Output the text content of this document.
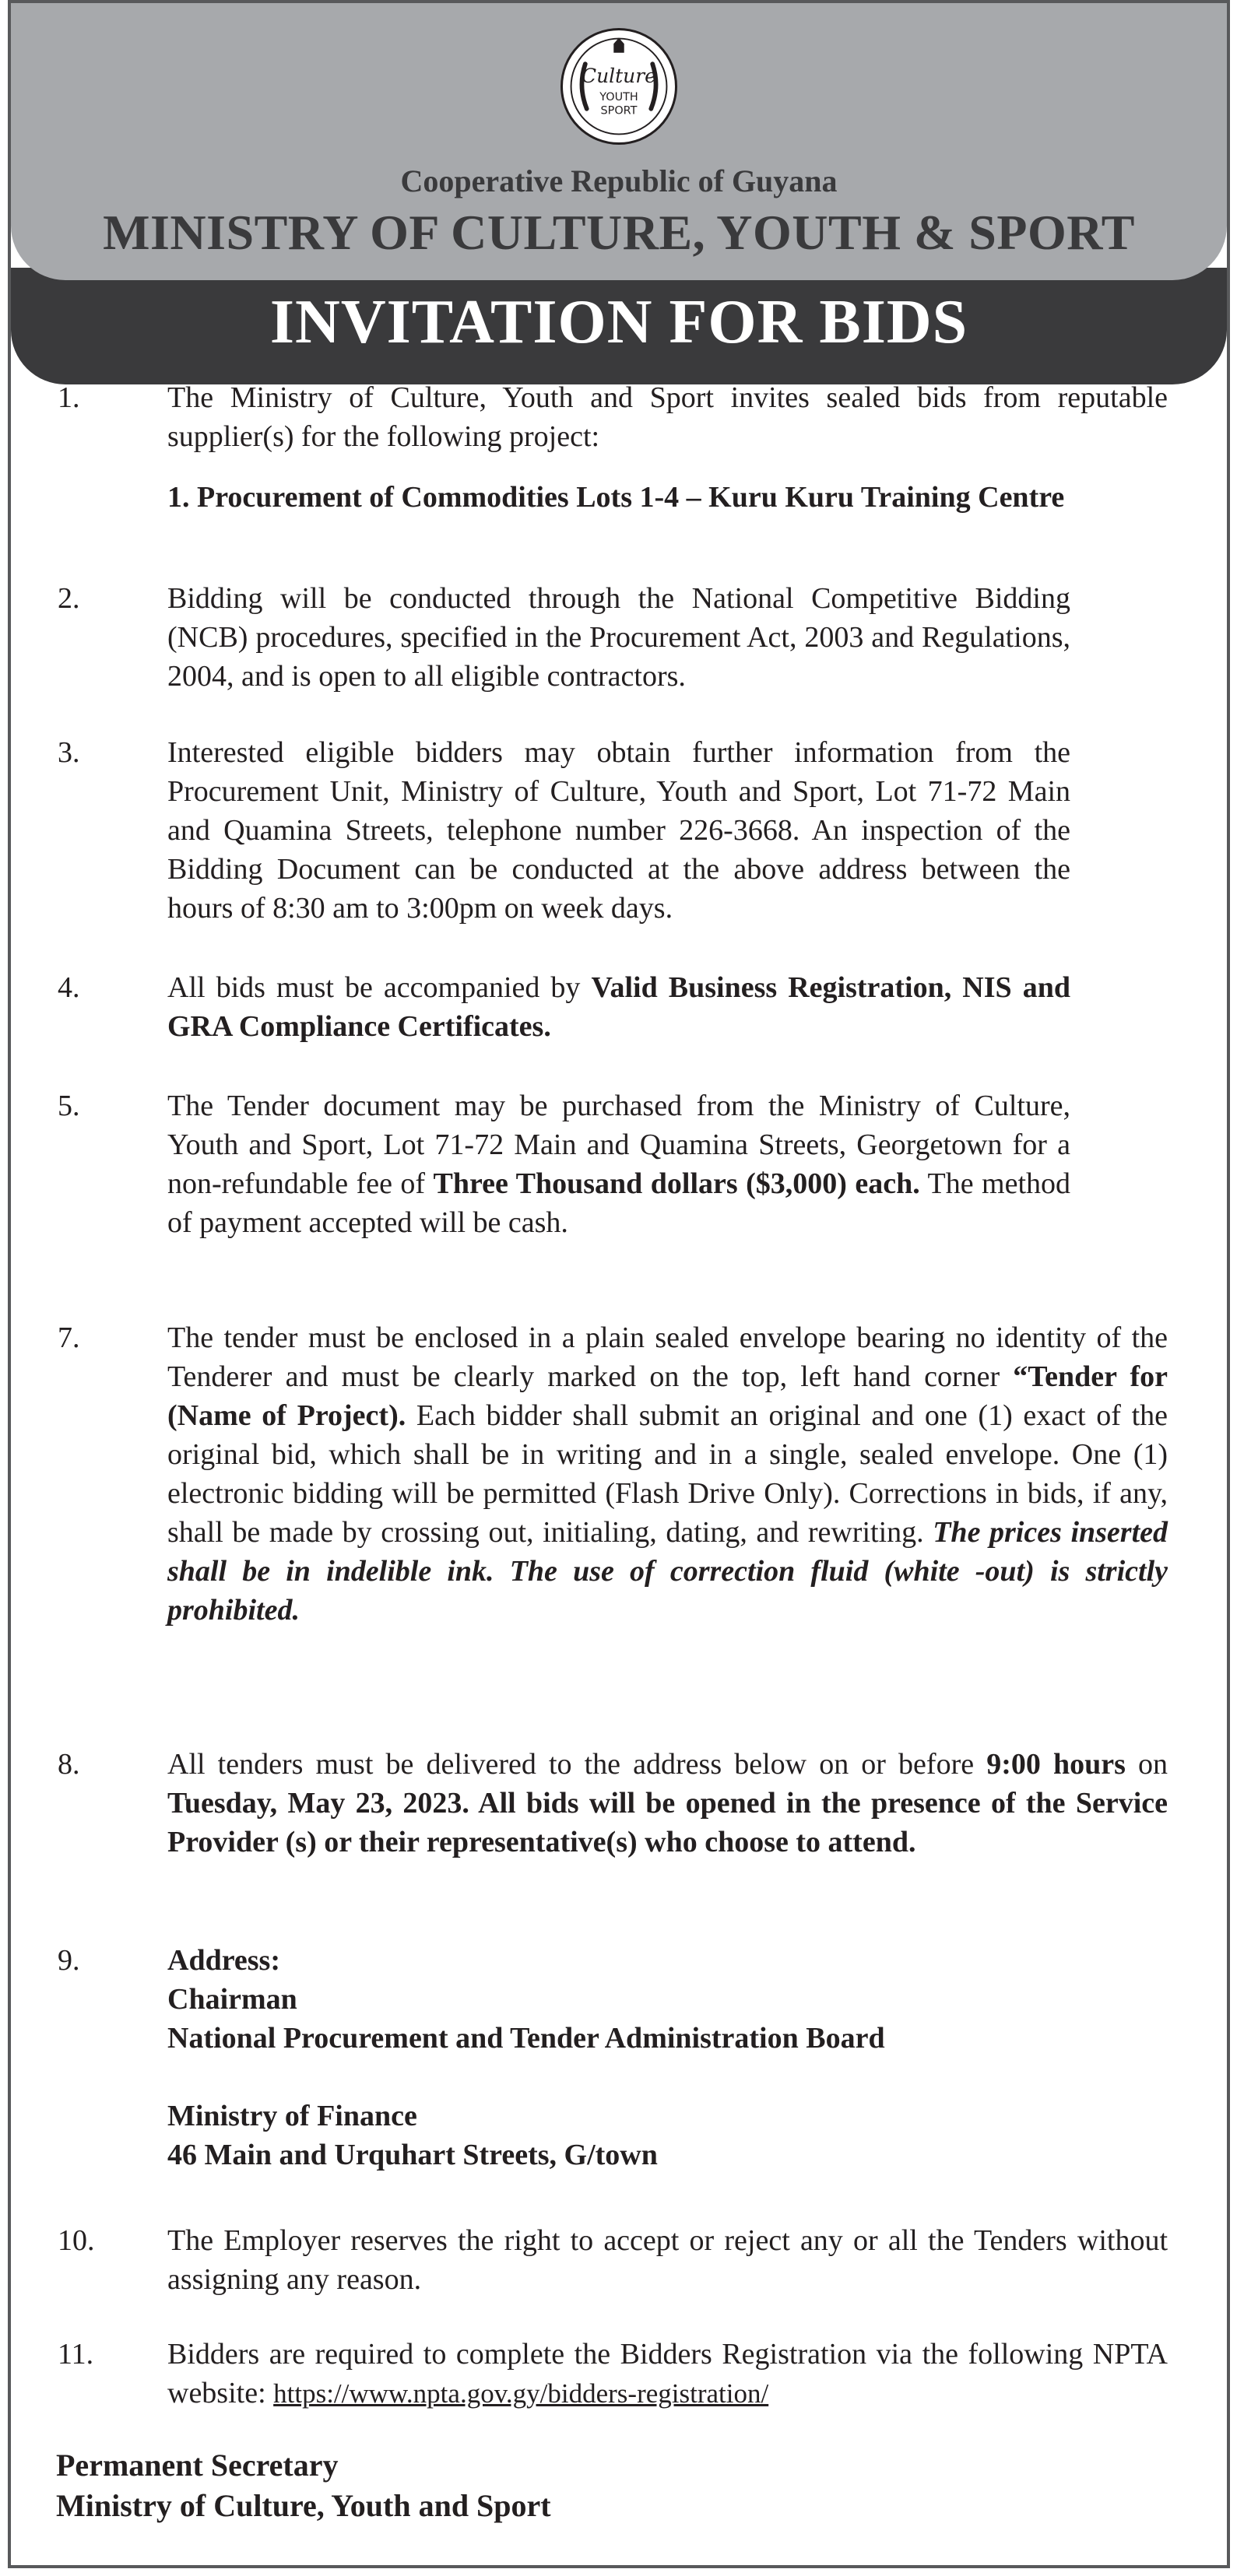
Culture
YOUTH
SPORT
Cooperative Republic of Guyana
MINISTRY OF CULTURE, YOUTH & SPORT
INVITATION FOR BIDS
1.	The Ministry of Culture, Youth and Sport invites sealed bids from reputable supplier(s) for the following project:

1. Procurement of Commodities Lots 1-4 – Kuru Kuru Training Centre

2.	Bidding will be conducted through the National Competitive Bidding (NCB) procedures, specified in the Procurement Act, 2003 and Regulations, 2004, and is open to all eligible contractors.
3.	Interested eligible bidders may obtain further information from the Procurement Unit, Ministry of Culture, Youth and Sport, Lot 71-72 Main and Quamina Streets, telephone number 226-3668. An inspection of the Bidding Document can be conducted at the above address between the hours of 8:30 am to 3:00pm on week days.
4.	All bids must be accompanied by Valid Business Registration, NIS and GRA Compliance Certificates.
5.	The Tender document may be purchased from the Ministry of Culture, Youth and Sport, Lot 71-72 Main and Quamina Streets, Georgetown for a non-refundable fee of Three Thousand dollars ($3,000) each. The method of payment accepted will be cash.
7.	The tender must be enclosed in a plain sealed envelope bearing no identity of the Tenderer and must be clearly marked on the top, left hand corner “Tender for (Name of Project). Each bidder shall submit an original and one (1) exact of the original bid, which shall be in writing and in a single, sealed envelope. One (1) electronic bidding will be permitted (Flash Drive Only). Corrections in bids, if any, shall be made by crossing out, initialing, dating, and rewriting. The prices inserted shall be in indelible ink. The use of correction fluid (white -out) is strictly prohibited.
8.	All tenders must be delivered to the address below on or before 9:00 hours on Tuesday, May 23, 2023. All bids will be opened in the presence of the Service Provider (s) or their representative(s) who choose to attend.
9.	Address:
Chairman
National Procurement and Tender Administration Board
Ministry of Finance
46 Main and Urquhart Streets, G/town
10. The Employer reserves the right to accept or reject any or all the Tenders without assigning any reason.
11. Bidders are required to complete the Bidders Registration via the following NPTA website: https://www.npta.gov.gy/bidders-registration/
Permanent Secretary
Ministry of Culture, Youth and Sport
